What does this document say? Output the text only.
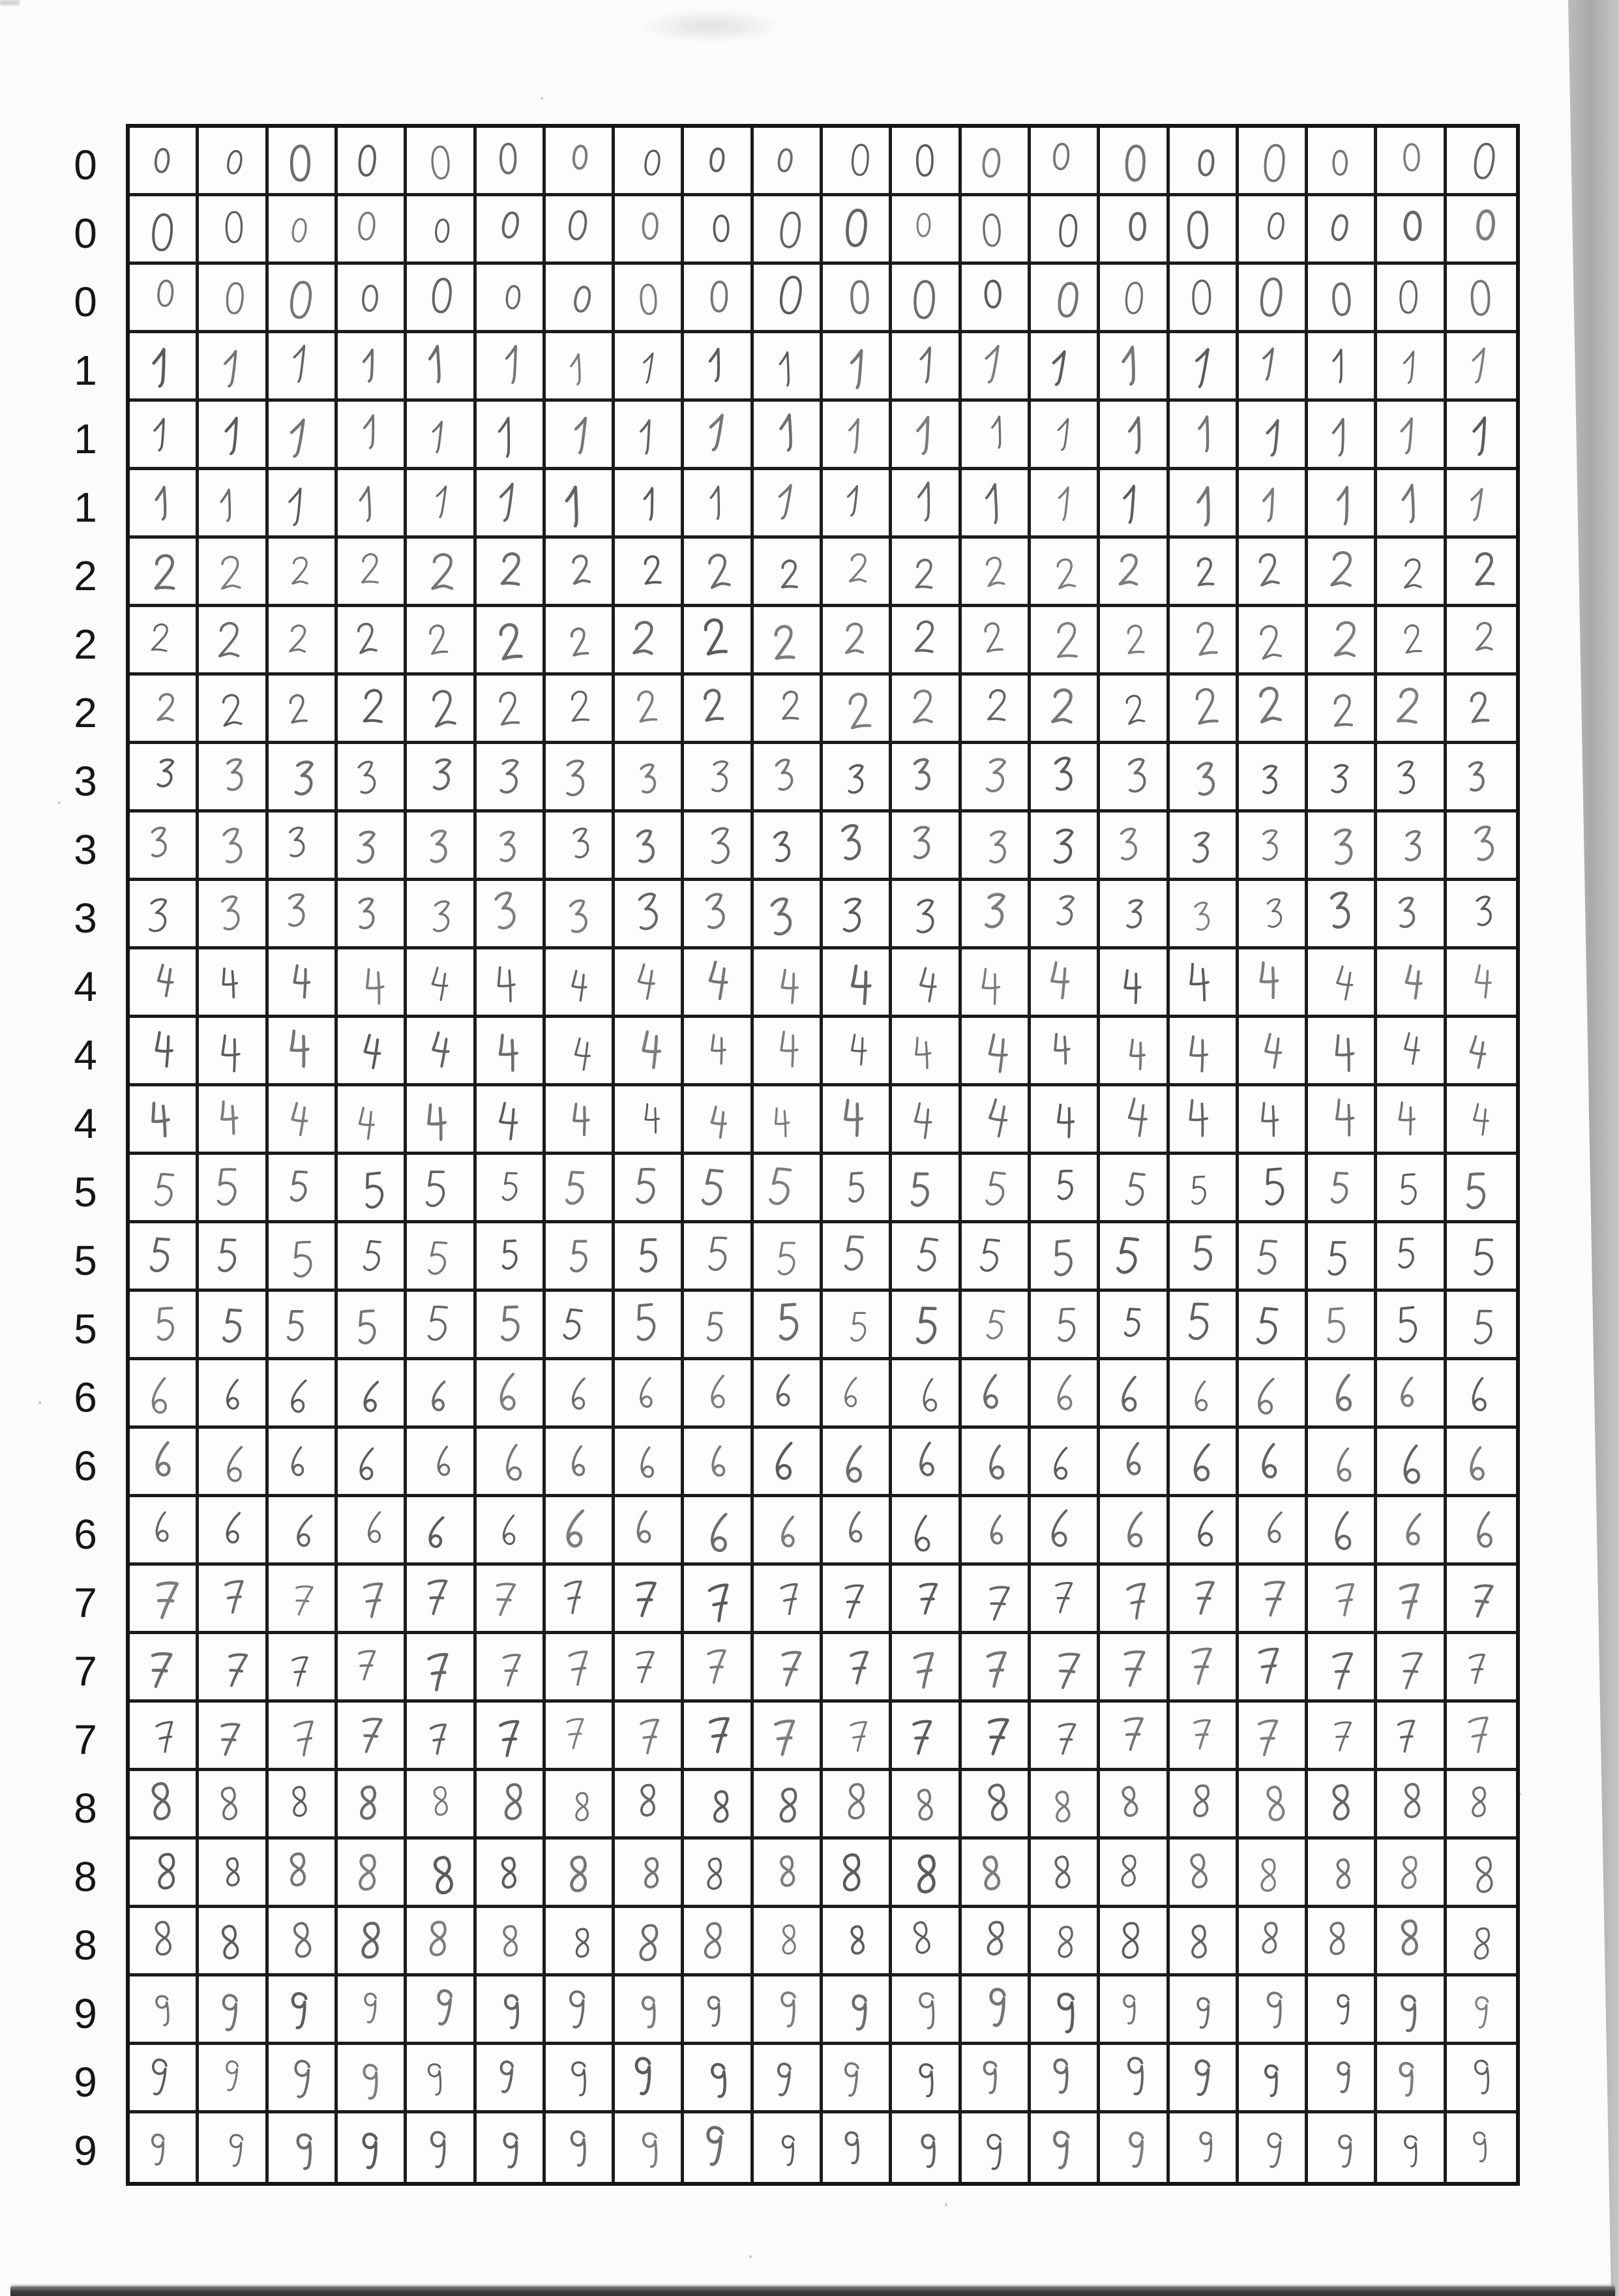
0
0
0
1
1
1
2
2
2
3
3
3
4
4
4
5
5
5
6
6
6
7
7
7
8
8
8
9
9
9
